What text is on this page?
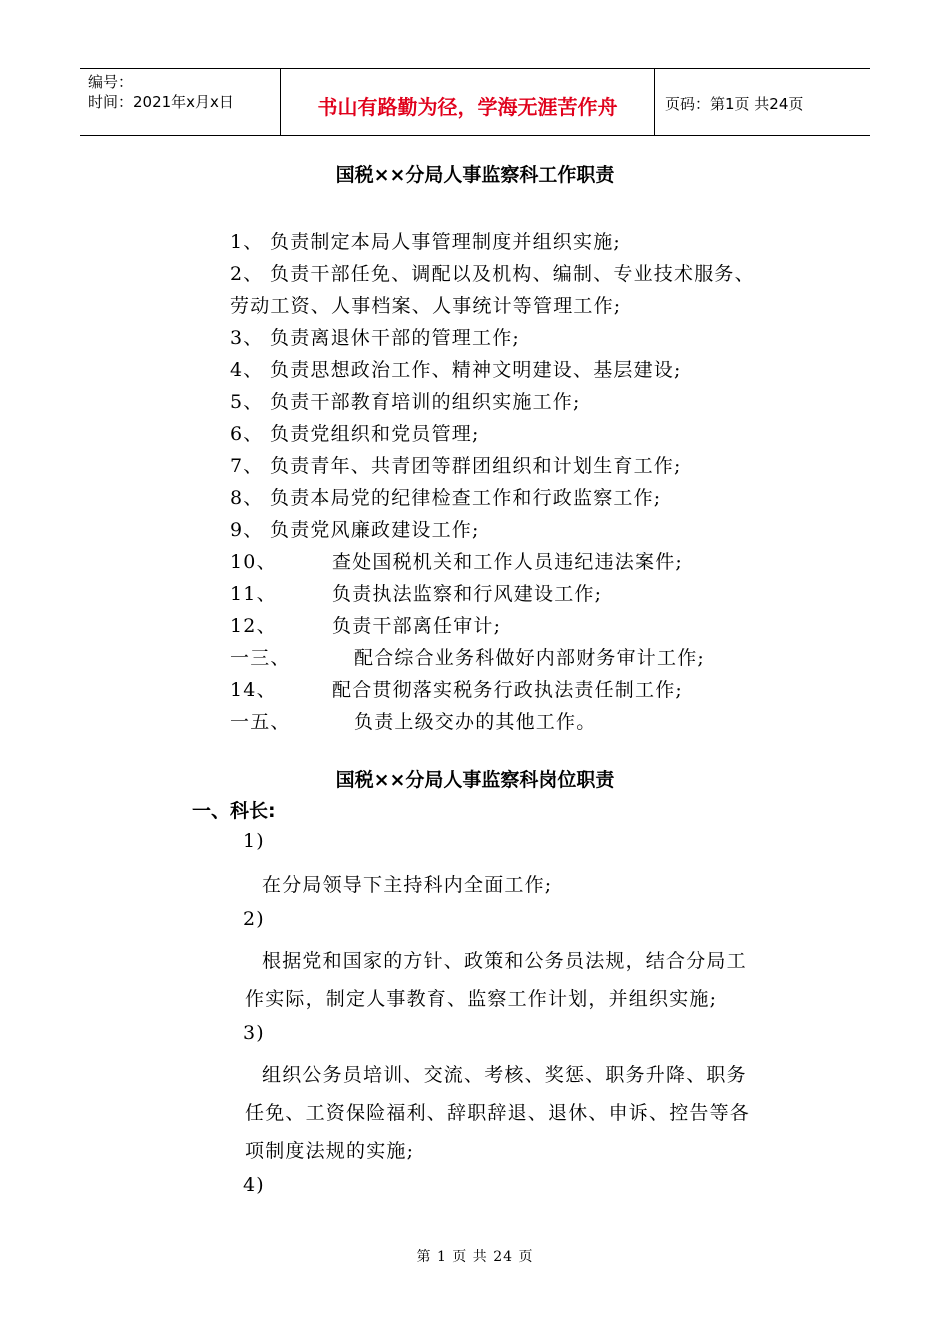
编号：
时间：2021年x月x日	书山有路勤为径，学海无涯苦作舟	页码：第1页 共24页
国税××分局人事监察科工作职责
1、 负责制定本局人事管理制度并组织实施;
2、 负责干部任免、调配以及机构、编制、专业技术服务、
劳动工资、人事档案、人事统计等管理工作;
3、 负责离退休干部的管理工作;
4、 负责思想政治工作、精神文明建设、基层建设;
5、 负责干部教育培训的组织实施工作;
6、 负责党组织和党员管理;
7、 负责青年、共青团等群团组织和计划生育工作;
8、 负责本局党的纪律检查工作和行政监察工作;
9、 负责党风廉政建设工作;
10、	查处国税机关和工作人员违纪违法案件;
11、	负责执法监察和行风建设工作;
12、	负责干部离任审计;
一三、	配合综合业务科做好内部财务审计工作;
14、	配合贯彻落实税务行政执法责任制工作;
一五、	负责上级交办的其他工作。
国税××分局人事监察科岗位职责
一、科长:
1)
在分局领导下主持科内全面工作;
2)
根据党和国家的方针、政策和公务员法规，结合分局工
作实际，制定人事教育、监察工作计划，并组织实施;
3)
组织公务员培训、交流、考核、奖惩、职务升降、职务
任免、工资保险福利、辞职辞退、退休、申诉、控告等各
项制度法规的实施;
4)
第 1 页 共 24 页
